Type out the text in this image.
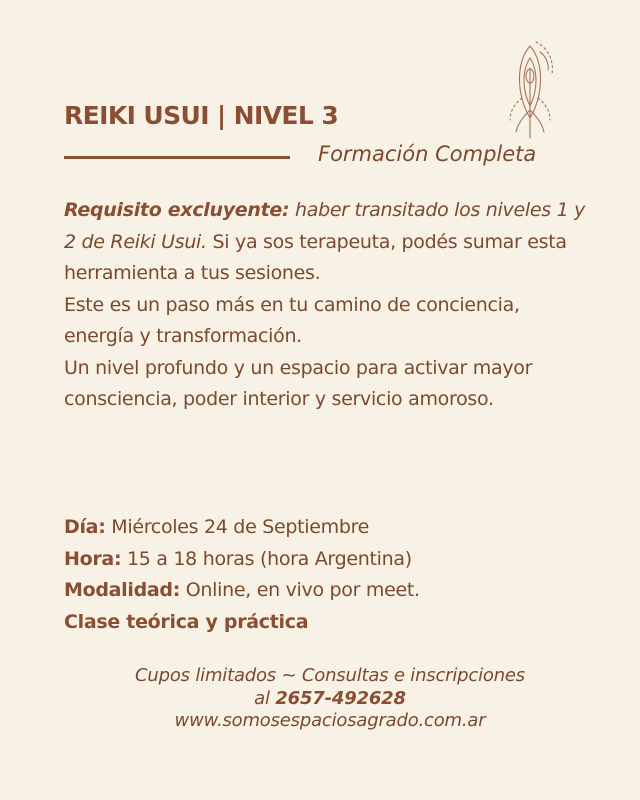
REIKI USUI | NIVEL 3
Formación Completa

Requisito excluyente: haber transitado los niveles 1 y 2 de Reiki Usui. Si ya sos terapeuta, podés sumar esta herramienta a tus sesiones.

Este es un paso más en tu camino de conciencia, energía y transformación.

Un nivel profundo y un espacio para activar mayor consciencia, poder interior y servicio amoroso.

Día: Miércoles 24 de Septiembre

Hora: 15 a 18 horas (hora Argentina)

Modalidad: Online, en vivo por meet.

Clase teórica y práctica

Cupos limitados ~ Consultas e inscripciones

al 2657-492628

www.somosespaciosagrado.com.ar
